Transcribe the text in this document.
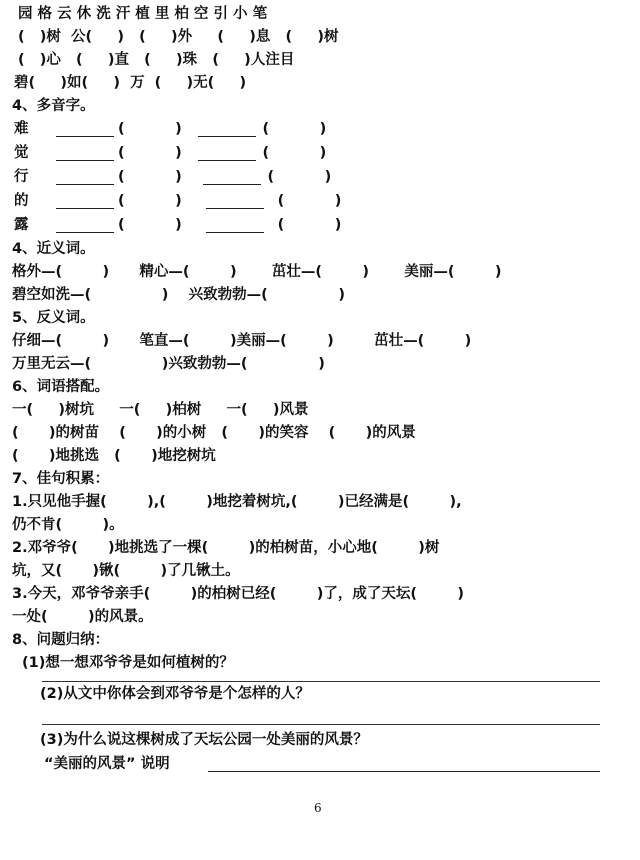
园 格 云 休 洗 汗 植 里 柏 空 引 小 笔
(   )树  公(     )   (     )外     (     )息   (     )树
(   )心   (     )直   (     )珠   (     )人注目
碧(     )如(     )  万  (     )无(     )
4、多音字。
难	(          )                (          )
觉	(          )                (          )
行	(          )                 (          )
的	(          )                   (          )
露	(          )                   (          )
4、近义词。
格外—(        )      精心—(        )       茁壮—(        )       美丽—(        )
碧空如洗—(              )    兴致勃勃—(              )
5、反义词。
仔细—(        )      笔直—(        )美丽—(        )        茁壮—(        )
万里无云—(              )兴致勃勃—(              )
6、词语搭配。
一(     )树坑     一(     )柏树     一(     )风景
(      )的树苗    (      )的小树   (      )的笑容    (      )的风景
(      )地挑选   (      )地挖树坑
7、佳句积累：
1.只见他手握(        ),(        )地挖着树坑,(        )已经满是(        ),
仍不肯(        )。
2.邓爷爷(      )地挑选了一棵(        )的柏树苗，小心地(        )树
坑，又(      )锹(        )了几锹土。
3.今天，邓爷爷亲手(        )的柏树已经(        )了，成了天坛(        )
一处(        )的风景。
8、问题归纳：
(1)想一想邓爷爷是如何植树的？
(2)从文中你体会到邓爷爷是个怎样的人？
(3)为什么说这棵树成了天坛公园一处美丽的风景？
“美丽的风景” 说明
6
